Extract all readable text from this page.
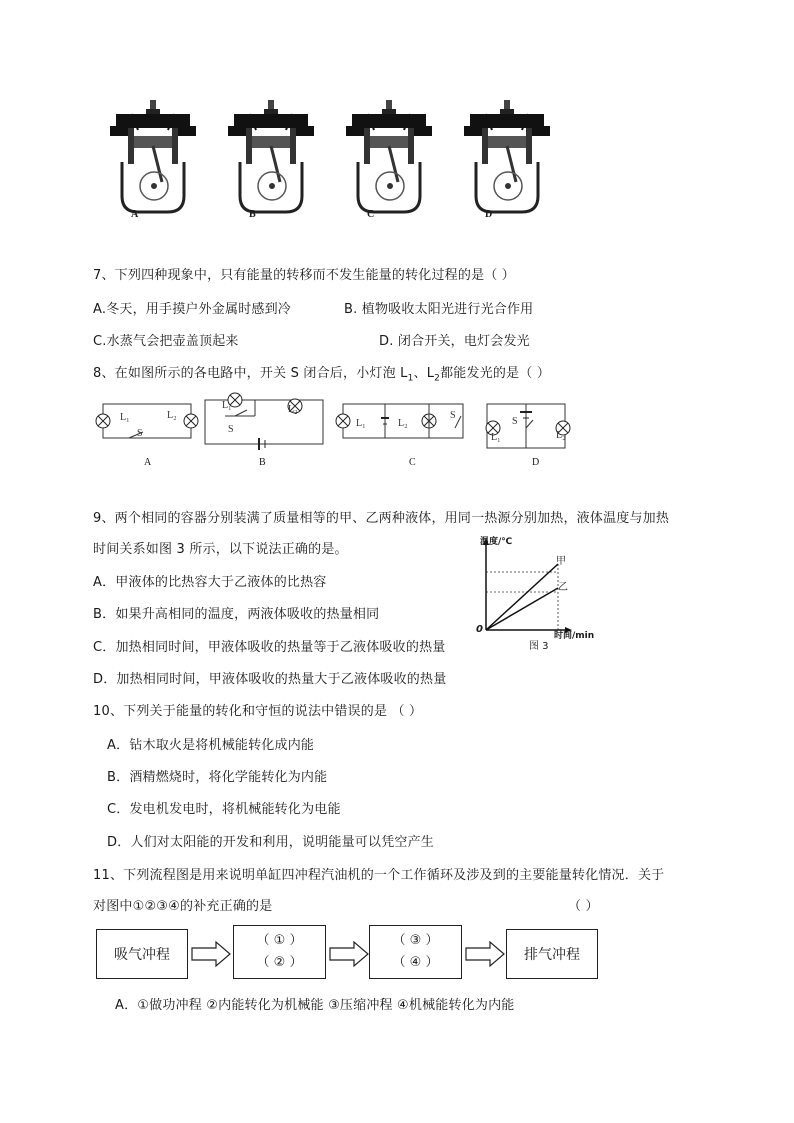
A	B	C	D
7、下列四种现象中，只有能量的转移而不发生能量的转化过程的是（ ）
A.冬天，用手摸户外金属时感到冷	B. 植物吸收太阳光进行光合作用
C.水蒸气会把壶盖顶起来	D. 闭合开关，电灯会发光
8、在如图所示的各电路中，开关 S 闭合后，小灯泡 $L_1$、$L_2$都能发光的是（ ）
L₁	L₂
S
L₁	L₂
S
L₁	L₂
S
L₁
S
L₂
A	B	C	D
9、两个相同的容器分别装满了质量相等的甲、乙两种液体，用同一热源分别加热，液体温度与加热
时间关系如图 3 所示，以下说法正确的是。
A．甲液体的比热容大于乙液体的比热容
B．如果升高相同的温度，两液体吸收的热量相同
C．加热相同时间，甲液体吸收的热量等于乙液体吸收的热量
D．加热相同时间，甲液体吸收的热量大于乙液体吸收的热量
温度/℃
时间/min
0
甲
乙
图 3
10、下列关于能量的转化和守恒的说法中错误的是 （ ）
A．钻木取火是将机械能转化成内能
B．酒精燃烧时，将化学能转化为内能
C．发电机发电时，将机械能转化为电能
D．人们对太阳能的开发和利用，说明能量可以凭空产生
11、下列流程图是用来说明单缸四冲程汽油机的一个工作循环及涉及到的主要能量转化情况．关于
对图中①②③④的补充正确的是	（ ）
吸气冲程
（ ① ）
（ ② ）
（ ③ ）
（ ④ ）	排气冲程
A．①做功冲程 ②内能转化为机械能 ③压缩冲程 ④机械能转化为内能
